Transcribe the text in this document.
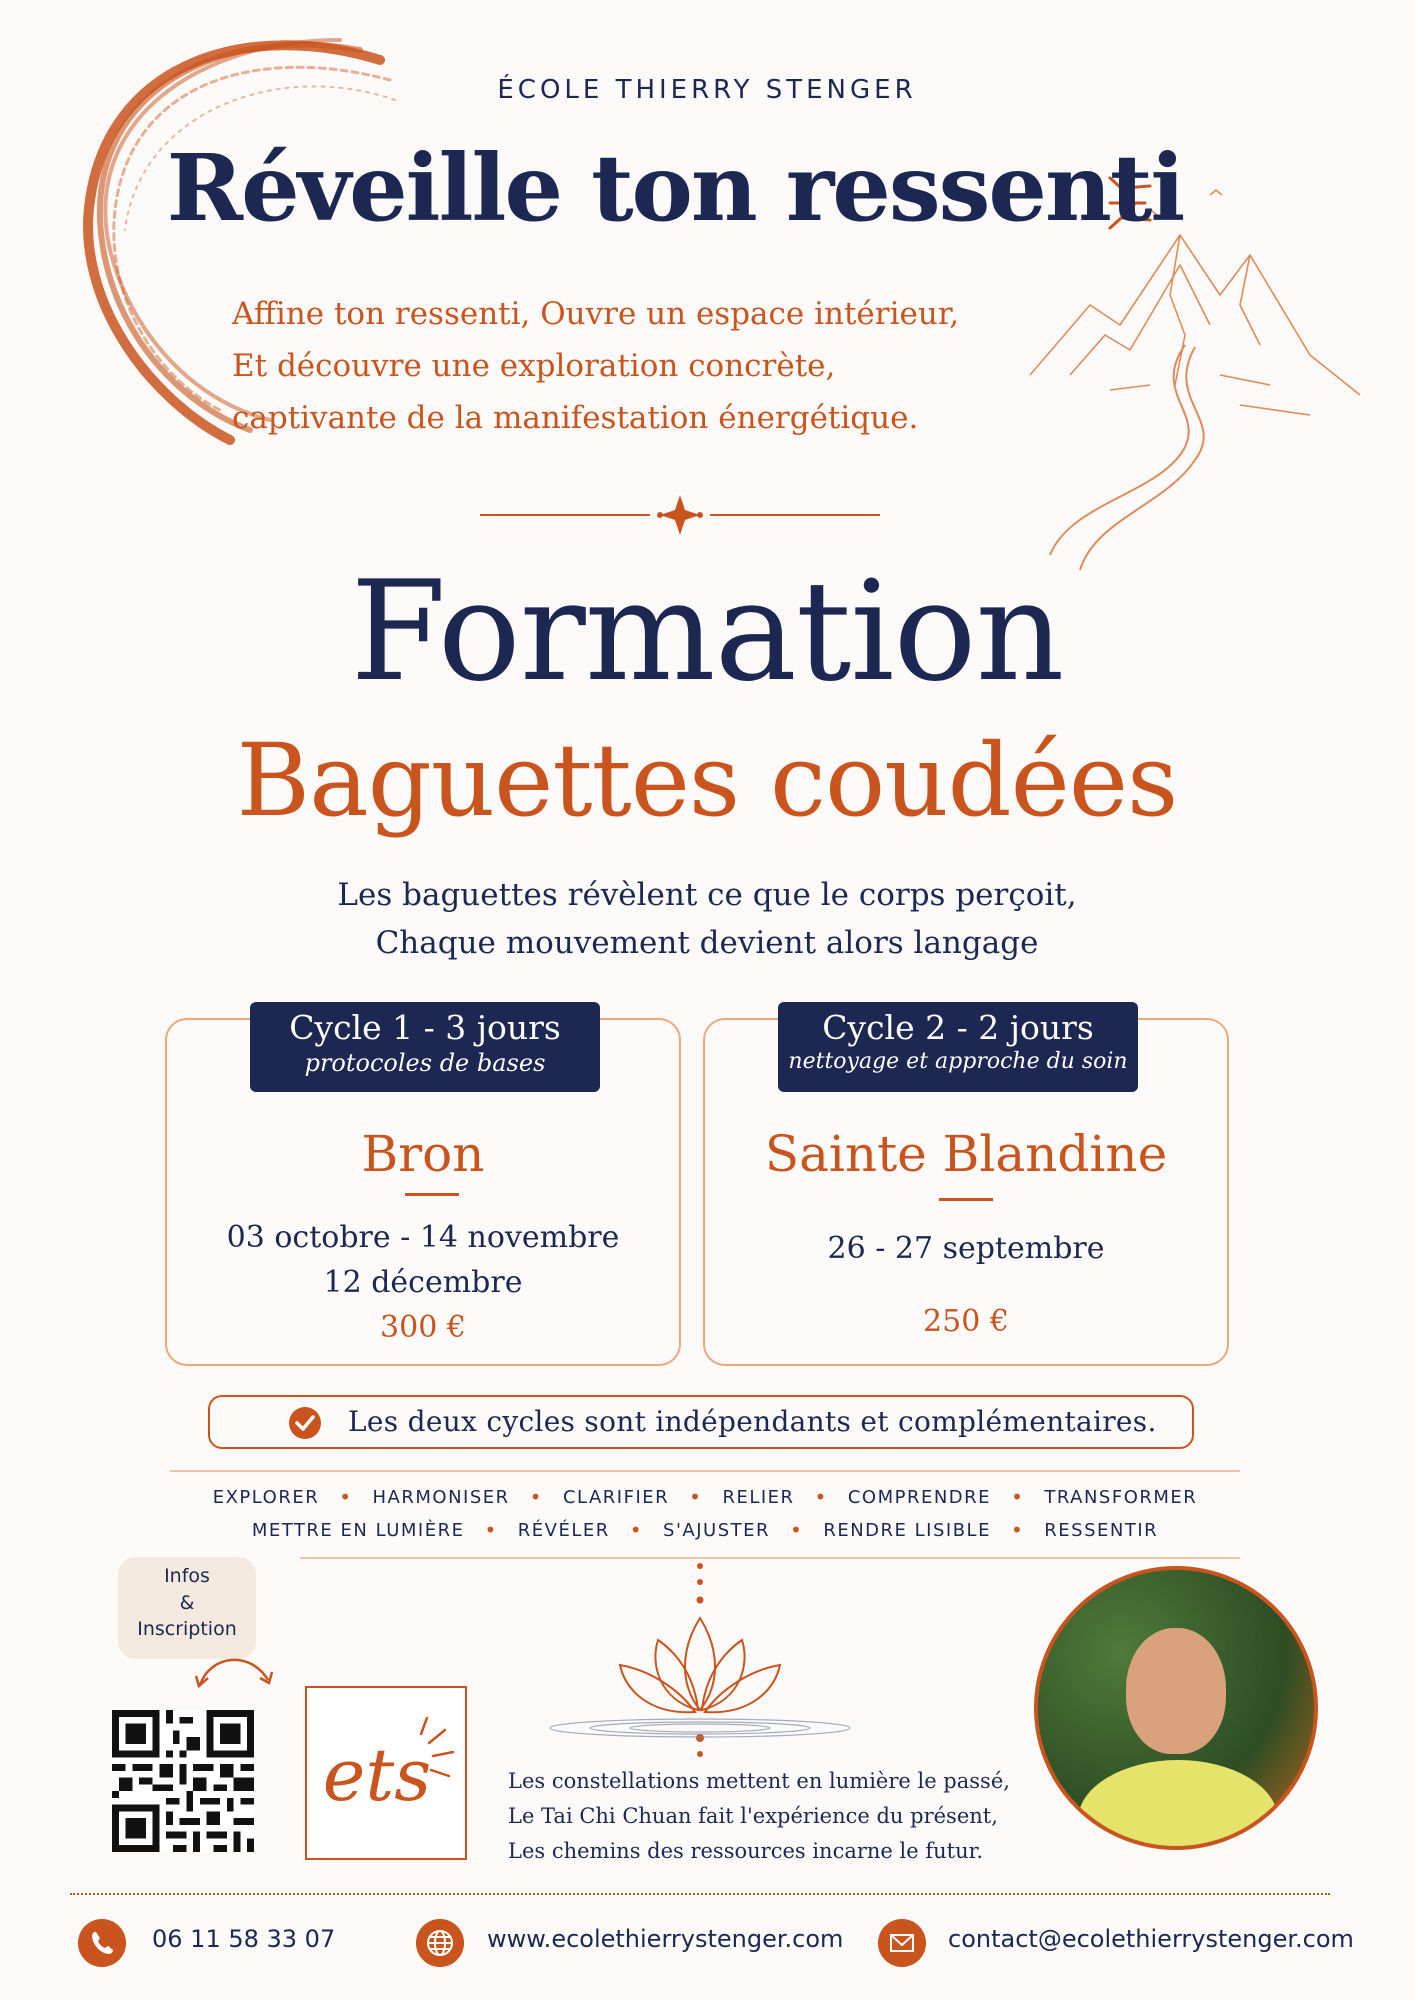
ÉCOLE THIERRY STENGER
Réveille ton ressenti
Affine ton ressenti, Ouvre un espace intérieur,
Et découvre une exploration concrète,
captivante de la manifestation énergétique.
Formation
Baguettes coudées
Les baguettes révèlent ce que le corps perçoit,
Chaque mouvement devient alors langage
Cycle 1 - 3 jours
protocoles de bases
Bron
03 octobre - 14 novembre
12 décembre
300 €
Cycle 2 - 2 jours
nettoyage et approche du soin
Sainte Blandine
26 - 27 septembre
250 €
Les deux cycles sont indépendants et complémentaires.
EXPLORER • HARMONISER • CLARIFIER • RELIER • COMPRENDRE • TRANSFORMER
METTRE EN LUMIÈRE • RÉVÉLER • S'AJUSTER • RENDRE LISIBLE • RESSENTIR
Infos
&
Inscription
ets	Les constellations mettent en lumière le passé,
Le Tai Chi Chuan fait l'expérience du présent,
Les chemins des ressources incarne le futur.
06 11 58 33 07	www.ecolethierrystenger.com	contact@ecolethierrystenger.com
